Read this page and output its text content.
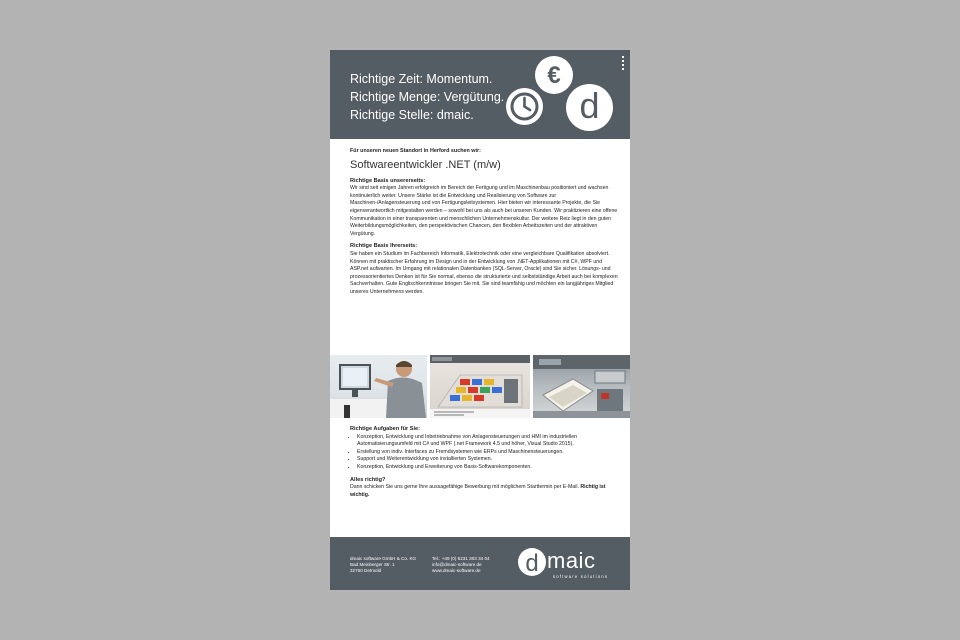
Richtige Zeit: Momentum.
Richtige Menge: Vergütung.
Richtige Stelle: dmaic.
€
d
Für unseren neuen Standort in Herford suchen wir:
Softwareentwickler .NET (m/w)
Richtige Basis unsererseits:
Wir sind seit einigen Jahren erfolgreich im Bereich der Fertigung und im Maschinenbau positioniert und wachsen kontinuierlich weiter. Unsere Stärke ist die Entwicklung und Realisierung von Software zur Maschinen-/Anlagensteuerung und von Fertigungsleitsystemen. Hier bieten wir interessante Projekte, die Sie eigenverantwortlich mitgestalten werden – sowohl bei uns als auch bei unseren Kunden. Wir praktizieren eine offene Kommunikation in einer transparenten und menschlichen Unternehmenskultur. Der weitere Reiz liegt in den guten Weiterbildungsmöglichkeiten, den perspektivischen Chancen, den flexiblen Arbeitszeiten und der attraktiven Vergütung.
Richtige Basis Ihrerseits:
Sie haben ein Studium im Fachbereich Informatik, Elektrotechnik oder eine vergleichbare Qualifikation absolviert. Können mit praktischer Erfahrung im Design und in der Entwicklung von .NET-Applikationen mit C#, WPF und ASP.net aufwarten. Im Umgang mit relationalen Datenbanken (SQL-Server, Oracle) sind Sie sicher. Lösungs- und prozessorientiertes Denken ist für Sie normal, ebenso die strukturierte und selbstständige Arbeit auch bei komplexen Sachverhalten. Gute Englischkenntnisse bringen Sie mit. Sie sind teamfähig und möchten ein langjähriges Mitglied unseres Unternehmens werden.
Richtige Aufgaben für Sie:
• Konzeption, Entwicklung und Inbetriebnahme von Anlagensteuerungen und HMI im industriellen Automatisierungsumfeld mit C# und WPF (.net Framework 4.5 und höher, Visual Studio 2015).
• Erstellung von indiv. Interfaces zu Fremdsystemen wie ERPs und Maschinensteuerungen.
• Support und Weiterentwicklung von installierten Systemen.
• Konzeption, Entwicklung und Erweiterung von Basis-Softwarekomponenten.
Alles richtig?
Dann schicken Sie uns gerne Ihre aussagefähige Bewerbung mit möglichem Starttermin per E-Mail. Richtig ist wichtig.
dmaic software GmbH & Co. KG
Bad Meinberger Str. 1
32760 Detmold
Tel.: +49 (0) 5231 303 34 04
info@dmaic-software.de
www.dmaic-software.de	d maic
software solutions
